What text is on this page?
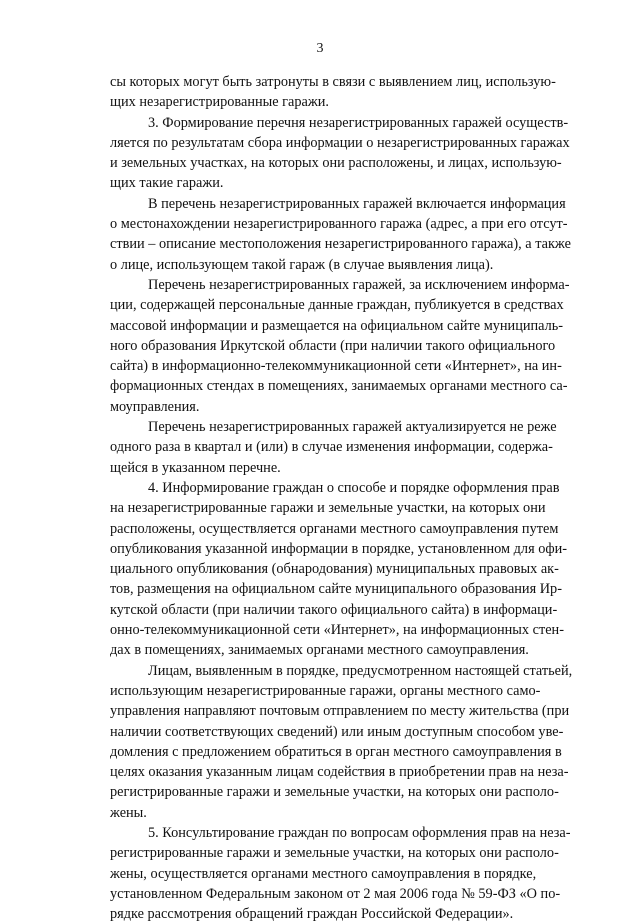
3
сы которых могут быть затронуты в связи с выявлением лиц, использую-
щих незарегистрированные гаражи.
3. Формирование перечня незарегистрированных гаражей осуществ-
ляется по результатам сбора информации о незарегистрированных гаражах
и земельных участках, на которых они расположены, и лицах, использую-
щих такие гаражи.
В перечень незарегистрированных гаражей включается информация
о местонахождении незарегистрированного гаража (адрес, а при его отсут-
ствии – описание местоположения незарегистрированного гаража), а также
о лице, использующем такой гараж (в случае выявления лица).
Перечень незарегистрированных гаражей, за исключением информа-
ции, содержащей персональные данные граждан, публикуется в средствах
массовой информации и размещается на официальном сайте муниципаль-
ного образования Иркутской области (при наличии такого официального
сайта) в информационно-телекоммуникационной сети «Интернет», на ин-
формационных стендах в помещениях, занимаемых органами местного са-
моуправления.
Перечень незарегистрированных гаражей актуализируется не реже
одного раза в квартал и (или) в случае изменения информации, содержа-
щейся в указанном перечне.
4. Информирование граждан о способе и порядке оформления прав
на незарегистрированные гаражи и земельные участки, на которых они
расположены, осуществляется органами местного самоуправления путем
опубликования указанной информации в порядке, установленном для офи-
циального опубликования (обнародования) муниципальных правовых ак-
тов, размещения на официальном сайте муниципального образования Ир-
кутской области (при наличии такого официального сайта) в информаци-
онно-телекоммуникационной сети «Интернет», на информационных стен-
дах в помещениях, занимаемых органами местного самоуправления.
Лицам, выявленным в порядке, предусмотренном настоящей статьей,
использующим незарегистрированные гаражи, органы местного само-
управления направляют почтовым отправлением по месту жительства (при
наличии соответствующих сведений) или иным доступным способом уве-
домления с предложением обратиться в орган местного самоуправления в
целях оказания указанным лицам содействия в приобретении прав на неза-
регистрированные гаражи и земельные участки, на которых они располо-
жены.
5. Консультирование граждан по вопросам оформления прав на неза-
регистрированные гаражи и земельные участки, на которых они располо-
жены, осуществляется органами местного самоуправления в порядке,
установленном Федеральным законом от 2 мая 2006 года № 59-ФЗ «О по-
рядке рассмотрения обращений граждан Российской Федерации».
